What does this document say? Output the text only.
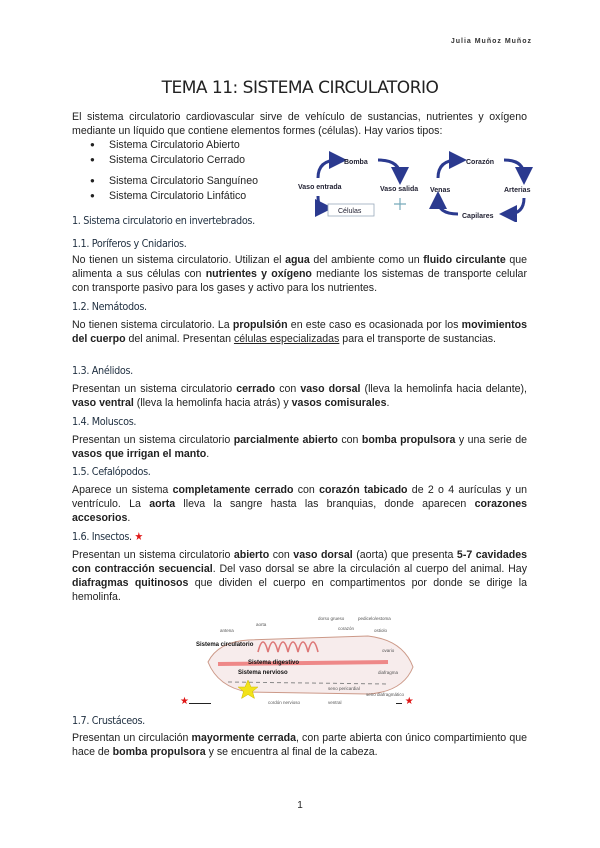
Julia Muñoz Muñoz
TEMA 11: SISTEMA CIRCULATORIO
El sistema circulatorio cardiovascular sirve de vehículo de sustancias, nutrientes y oxígeno mediante un líquido que contiene elementos formes (células). Hay varios tipos:
● Sistema Circulatorio Abierto
● Sistema Circulatorio Cerrado
● Sistema Circulatorio Sanguíneo
● Sistema Circulatorio Linfático
Bomba
Vaso entrada	Vaso salida
Células
Corazón
Venas	Arterias
Capilares
1. Sistema circulatorio en invertebrados.
1.1. Poríferos y Cnidarios.
No tienen un sistema circulatorio. Utilizan el agua del ambiente como un fluido circulante que alimenta a sus células con nutrientes y oxígeno mediante los sistemas de transporte celular con transporte pasivo para los gases y activo para los nutrientes.
1.2. Nemátodos.
No tienen sistema circulatorio. La propulsión en este caso es ocasionada por los movimientos del cuerpo del animal. Presentan células especializadas para el transporte de sustancias.
1.3. Anélidos.
Presentan un sistema circulatorio cerrado con vaso dorsal (lleva la hemolinfa hacia delante), vaso ventral (lleva la hemolinfa hacia atrás) y vasos comisurales.
1.4. Moluscos.
Presentan un sistema circulatorio parcialmente abierto con bomba propulsora y una serie de vasos que irrigan el manto.
1.5. Cefalópodos.
Aparece un sistema completamente cerrado con corazón tabicado de 2 o 4 aurículas y un ventrículo. La aorta lleva la sangre hasta las branquias, donde aparecen corazones accesorios.
1.6. Insectos. ★
Presentan un sistema circulatorio abierto con vaso dorsal (aorta) que presenta 5-7 cavidades con contracción secuencial. Del vaso dorsal se abre la circulación al cuerpo del animal. Hay diafragmas quitinosos que dividen el cuerpo en compartimentos por donde se dirige la hemolinfa.
Sistema circulatorio
Sistema digestivo
Sistema nervioso
aorta
antena
dorso grueso	pedicelo/estoma
corazón	ostiolo
ovario
diafragma
cordón nervioso
seno pericardial
ventral
seno diafragmático
★	★
1.7. Crustáceos.
Presentan un circulación mayormente cerrada, con parte abierta con único compartimiento que hace de bomba propulsora y se encuentra al final de la cabeza.
1
